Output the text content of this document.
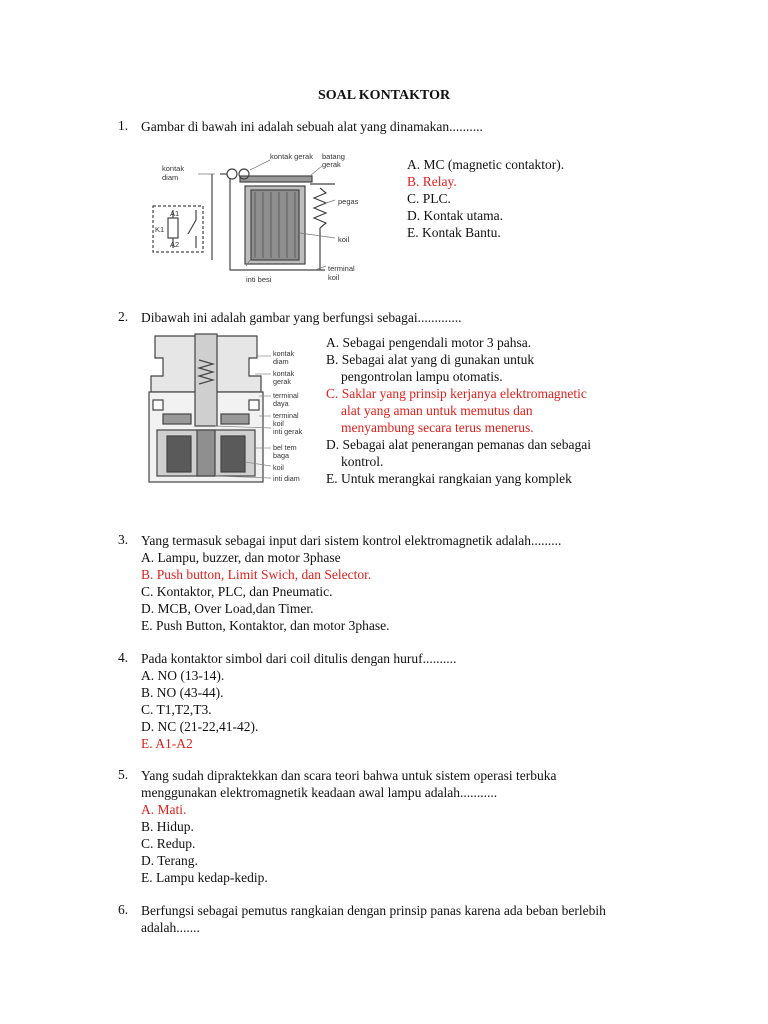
SOAL KONTAKTOR
1. Gambar di bawah ini adalah sebuah alat yang dinamakan..........
kontak gerak batang
gerak
kontak
diam
pegas
koil
inti besi
terminal
koil
K1
A1
A2
A. MC (magnetic contaktor).
B. Relay.
C. PLC.
D. Kontak utama.
E. Kontak Bantu.
2. Dibawah ini adalah gambar yang berfungsi sebagai.............
kontak
diam
kontak
gerak
terminal
daya
terminal
koil
inti gerak
bel tem
baga
koil
inti diam
A. Sebagai pengendali motor 3 pahsa.
B. Sebagai alat yang di gunakan untuk
pengontrolan lampu otomatis.
C. Saklar yang prinsip kerjanya elektromagnetic
alat yang aman untuk memutus dan
menyambung secara terus menerus.
D. Sebagai alat penerangan pemanas dan sebagai
kontrol.
E. Untuk merangkai rangkaian yang komplek
3. Yang termasuk sebagai input dari sistem kontrol elektromagnetik adalah.........
A. Lampu, buzzer, dan motor 3phase
B. Push button, Limit Swich, dan Selector.
C. Kontaktor, PLC, dan Pneumatic.
D. MCB, Over Load,dan Timer.
E. Push Button, Kontaktor, dan motor 3phase.
4. Pada kontaktor simbol dari coil ditulis dengan huruf..........
A. NO (13-14).
B. NO (43-44).
C. T1,T2,T3.
D. NC (21-22,41-42).
E. A1-A2
5. Yang sudah dipraktekkan dan scara teori bahwa untuk sistem operasi terbuka
menggunakan elektromagnetik keadaan awal lampu adalah...........
A. Mati.
B. Hidup.
C. Redup.
D. Terang.
E. Lampu kedap-kedip.
6. Berfungsi sebagai pemutus rangkaian dengan prinsip panas karena ada beban berlebih
adalah.......
